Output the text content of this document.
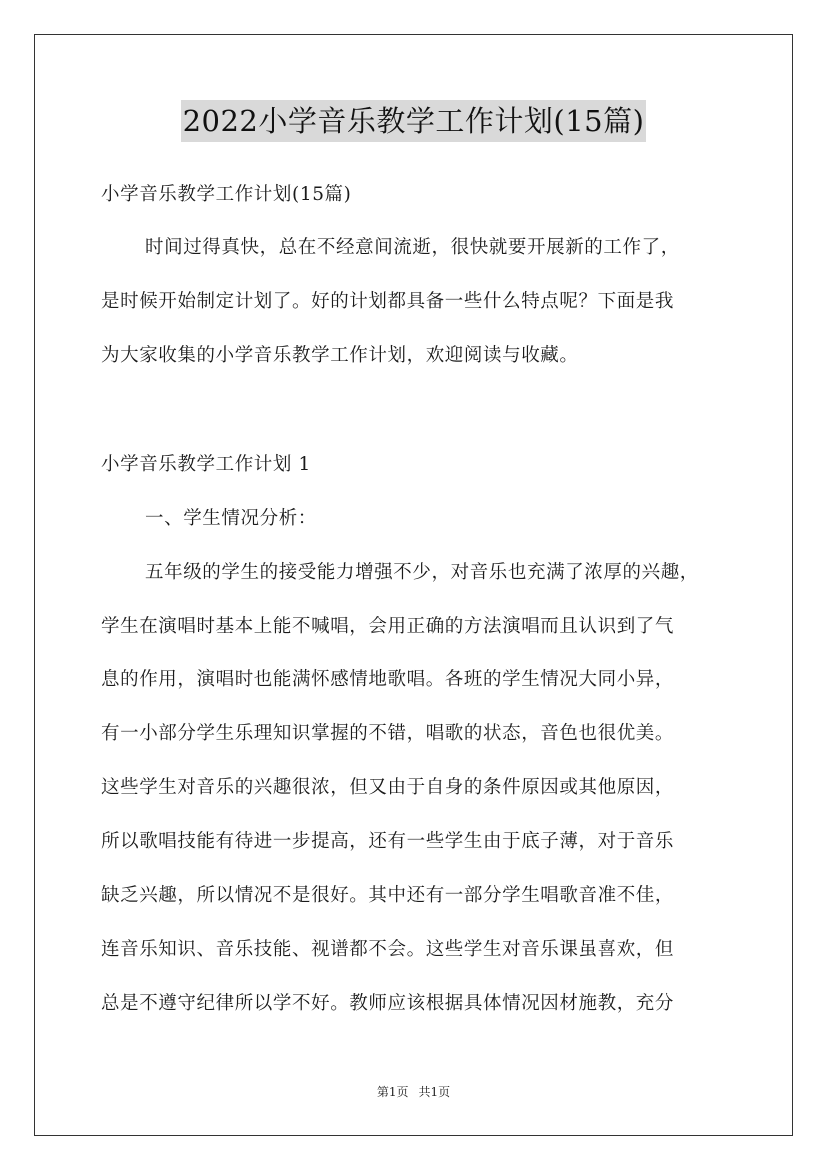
2022小学音乐教学工作计划(15篇)
小学音乐教学工作计划(15篇)
时间过得真快，总在不经意间流逝，很快就要开展新的工作了，
是时候开始制定计划了。好的计划都具备一些什么特点呢？下面是我
为大家收集的小学音乐教学工作计划，欢迎阅读与收藏。
小学音乐教学工作计划 1
一、学生情况分析：
五年级的学生的接受能力增强不少，对音乐也充满了浓厚的兴趣，
学生在演唱时基本上能不喊唱，会用正确的方法演唱而且认识到了气
息的作用，演唱时也能满怀感情地歌唱。各班的学生情况大同小异，
有一小部分学生乐理知识掌握的不错，唱歌的状态，音色也很优美。
这些学生对音乐的兴趣很浓，但又由于自身的条件原因或其他原因，
所以歌唱技能有待进一步提高，还有一些学生由于底子薄，对于音乐
缺乏兴趣，所以情况不是很好。其中还有一部分学生唱歌音准不佳，
连音乐知识、音乐技能、视谱都不会。这些学生对音乐课虽喜欢，但
总是不遵守纪律所以学不好。教师应该根据具体情况因材施教，充分
第1页 共1页
